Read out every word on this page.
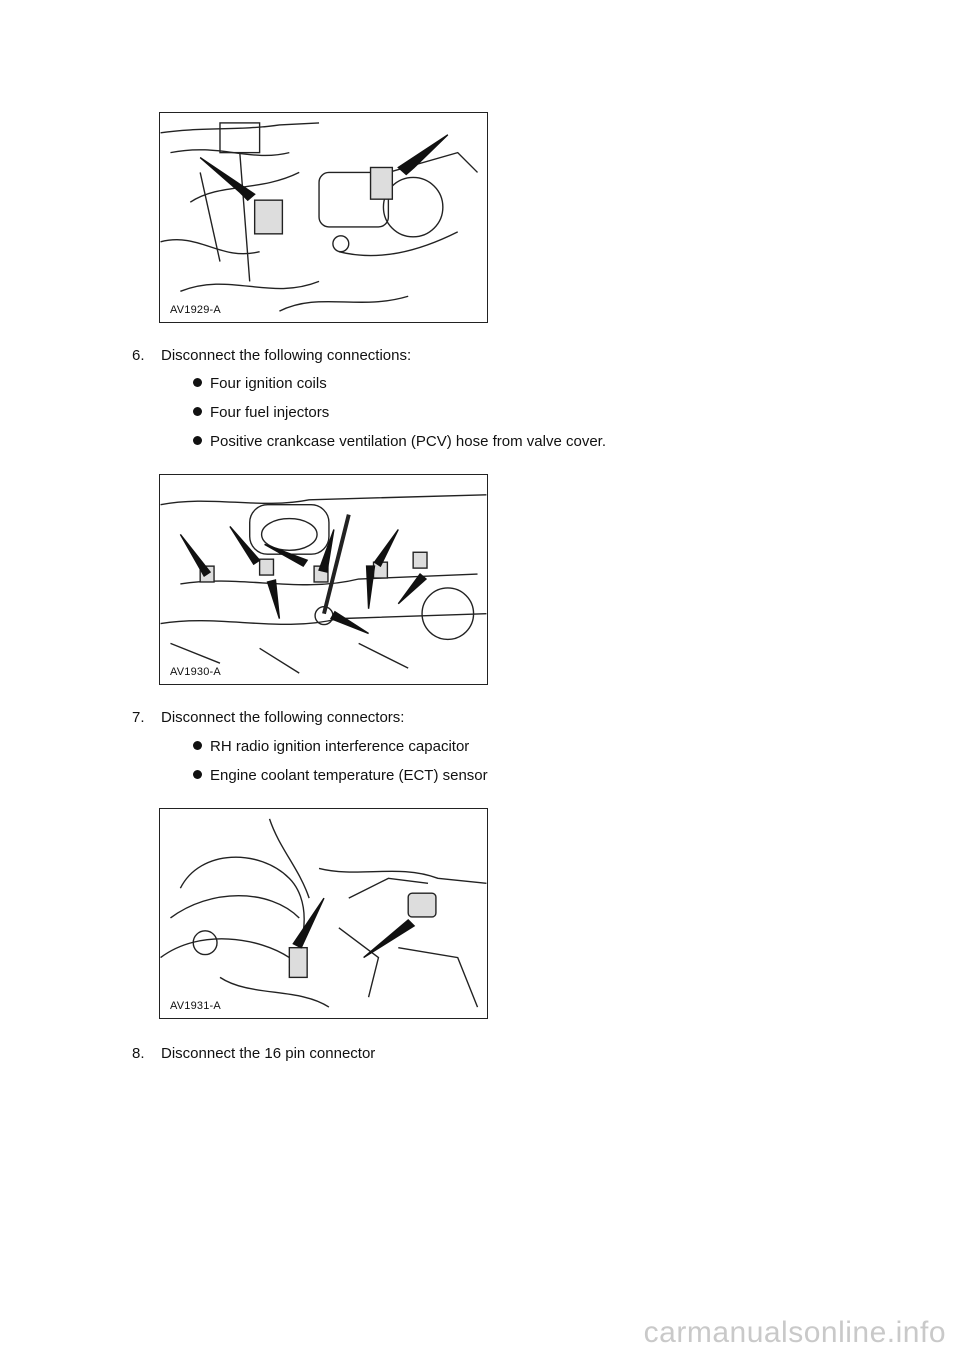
AV1929-A
6. Disconnect the following connections:
Four ignition coils
Four fuel injectors
Positive crankcase ventilation (PCV) hose from valve cover.
AV1930-A
7. Disconnect the following connectors:
RH radio ignition interference capacitor
Engine coolant temperature (ECT) sensor
AV1931-A
8. Disconnect the 16 pin connector
carmanualsonline.info
